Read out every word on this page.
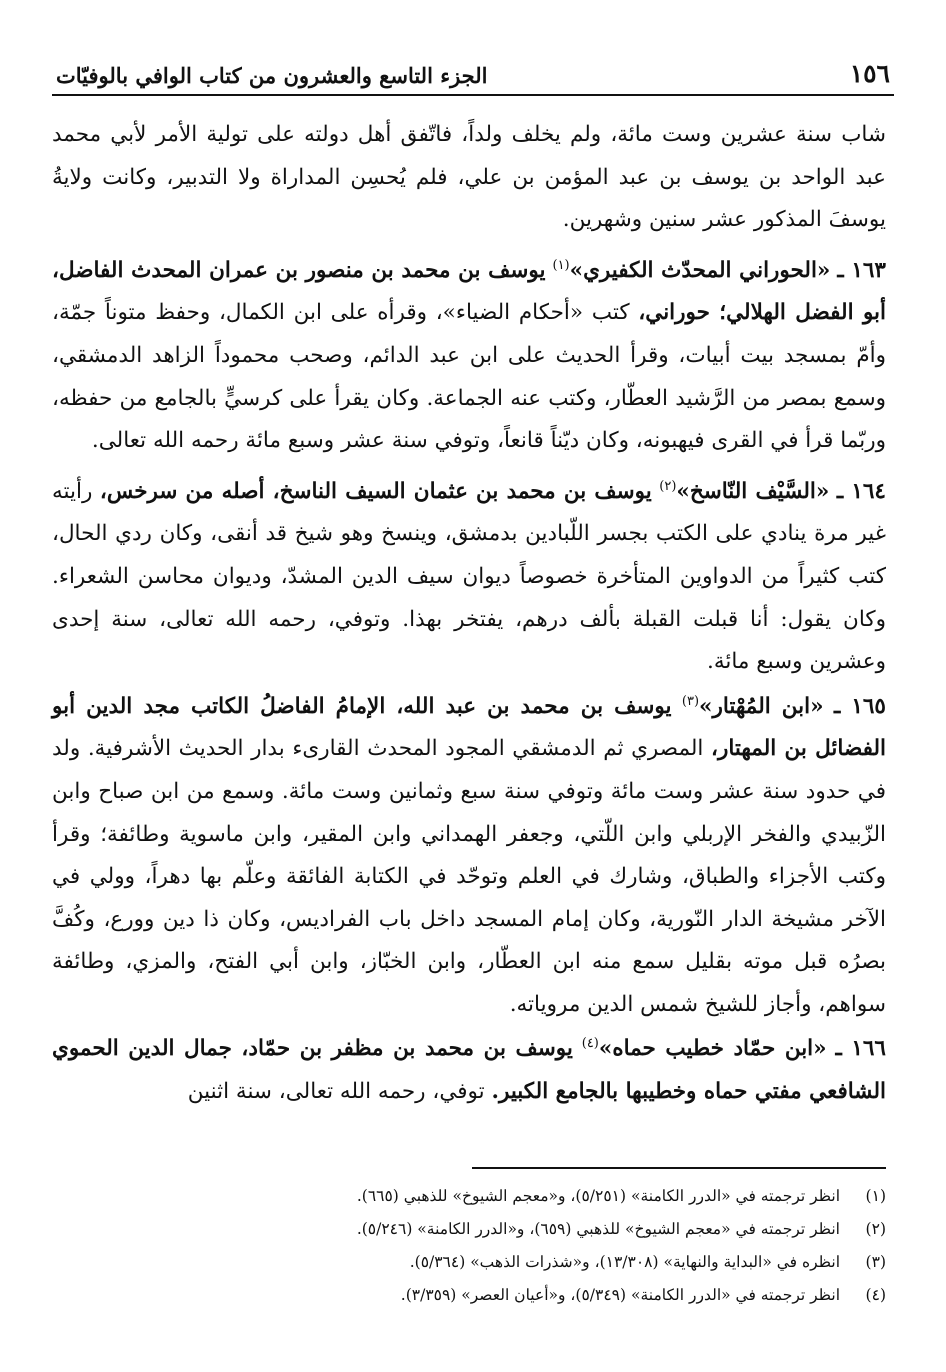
١٥٦
الجزء التاسع والعشرون من كتاب الوافي بالوفيّات

شاب سنة عشرين وست مائة، ولم يخلف ولداً، فاتّفق أهل دولته على تولية الأمر لأبي محمد عبد الواحد بن يوسف بن عبد المؤمن بن علي، فلم يُحسِن المداراة ولا التدبير، وكانت ولايةُ يوسفَ المذكور عشر سنين وشهرين.

١٦٣ ـ «الحوراني المحدّث الكفيري»$^{(١)}$ يوسف بن محمد بن منصور بن عمران المحدث الفاضل، أبو الفضل الهلالي؛ حوراني، كتب «أحكام الضياء»، وقرأه على ابن الكمال، وحفظ متوناً جمّة، وأمّ بمسجد بيت أبيات، وقرأ الحديث على ابن عبد الدائم، وصحب محموداً الزاهد الدمشقي، وسمع بمصر من الرَّشيد العطّار، وكتب عنه الجماعة. وكان يقرأ على كرسيٍّ بالجامع من حفظه، وربّما قرأ في القرى فيهبونه، وكان ديّناً قانعاً، وتوفي سنة عشر وسبع مائة رحمه الله تعالى.

١٦٤ ـ «السَّيْف النّاسخ»$^{(٢)}$ يوسف بن محمد بن عثمان السيف الناسخ، أصله من سرخس، رأيته غير مرة ينادي على الكتب بجسر اللّبادين بدمشق، وينسخ وهو شيخ قد أنقى، وكان ردي الحال، كتب كثيراً من الدواوين المتأخرة خصوصاً ديوان سيف الدين المشدّ، وديوان محاسن الشعراء. وكان يقول: أنا قبلت القبلة بألف درهم، يفتخر بهذا. وتوفي، رحمه الله تعالى، سنة إحدى وعشرين وسبع مائة.

١٦٥ ـ «ابن المُهْتار»$^{(٣)}$ يوسف بن محمد بن عبد الله، الإمامُ الفاضلُ الكاتب مجد الدين أبو الفضائل بن المهتار، المصري ثم الدمشقي المجود المحدث القارىء بدار الحديث الأشرفية. ولد في حدود سنة عشر وست مائة وتوفي سنة سبع وثمانين وست مائة. وسمع من ابن صباح وابن الزّبيدي والفخر الإربلي وابن اللّتي، وجعفر الهمداني وابن المقير، وابن ماسوية وطائفة؛ وقرأ وكتب الأجزاء والطباق، وشارك في العلم وتوحّد في الكتابة الفائقة وعلّم بها دهراً، وولي في الآخر مشيخة الدار النّورية، وكان إمام المسجد داخل باب الفراديس، وكان ذا دين وورع، وكُفَّ بصرُه قبل موته بقليل سمع منه ابن العطّار، وابن الخبّاز، وابن أبي الفتح، والمزي، وطائفة سواهم، وأجاز للشيخ شمس الدين مروياته.

١٦٦ ـ «ابن حمّاد خطيب حماه»$^{(٤)}$ يوسف بن محمد بن مظفر بن حمّاد، جمال الدين الحموي الشافعي مفتي حماه وخطيبها بالجامع الكبير. توفي، رحمه الله تعالى، سنة اثنين

(١)
انظر ترجمته في «الدرر الكامنة» (٥/٢٥١)، و«معجم الشيوخ» للذهبي (٦٦٥).
(٢)
انظر ترجمته في «معجم الشيوخ» للذهبي (٦٥٩)، و«الدرر الكامنة» (٥/٢٤٦).
(٣)
انظره في «البداية والنهاية» (١٣/٣٠٨)، و«شذرات الذهب» (٥/٣٦٤).
(٤)
انظر ترجمته في «الدرر الكامنة» (٥/٣٤٩)، و«أعيان العصر» (٣/٣٥٩).
